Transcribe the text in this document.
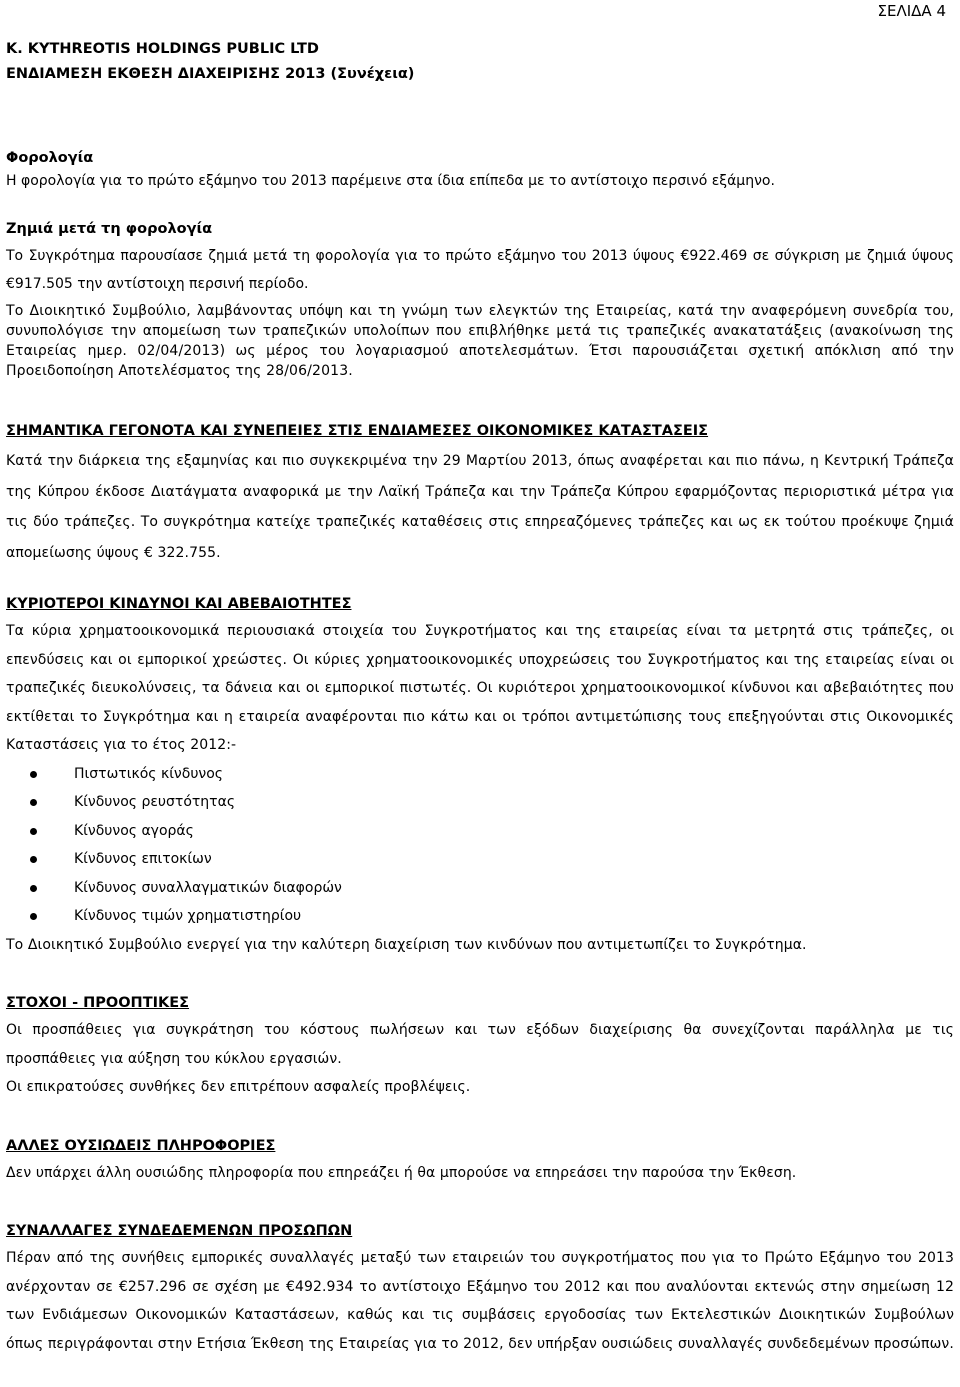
ΣΕΛΙΔΑ 4

K. KYTHREOTIS HOLDINGS PUBLIC LTD

ΕΝΔΙΑΜΕΣΗ ΕΚΘΕΣΗ ΔΙΑΧΕΙΡΙΣΗΣ 2013 (Συνέχεια)

Φορολογία

Η φορολογία για το πρώτο εξάμηνο του 2013 παρέμεινε στα ίδια επίπεδα με το αντίστοιχο περσινό εξάμηνο.

Ζημιά μετά τη φορολογία

Το Συγκρότημα παρουσίασε ζημιά μετά τη φορολογία για το πρώτο εξάμηνο του 2013 ύψους €922.469 σε σύγκριση με ζημιά ύψους €917.505 την αντίστοιχη περσινή περίοδο.

Το Διοικητικό Συμβούλιο, λαμβάνοντας υπόψη και τη γνώμη των ελεγκτών της Εταιρείας, κατά την αναφερόμενη συνεδρία του, συνυπολόγισε την απομείωση των τραπεζικών υπολοίπων που επιβλήθηκε μετά τις τραπεζικές ανακατατάξεις (ανακοίνωση της Εταιρείας ημερ. 02/04/2013) ως μέρος του λογαριασμού αποτελεσμάτων. Έτσι παρουσιάζεται σχετική απόκλιση από την Προειδοποίηση Αποτελέσματος της 28/06/2013.

ΣΗΜΑΝΤΙΚΑ ΓΕΓΟΝΟΤΑ ΚΑΙ ΣΥΝΕΠΕΙΕΣ ΣΤΙΣ ΕΝΔΙΑΜΕΣΕΣ ΟΙΚΟΝΟΜΙΚΕΣ ΚΑΤΑΣΤΑΣΕΙΣ

Κατά την διάρκεια της εξαμηνίας και πιο συγκεκριμένα την 29 Μαρτίου 2013, όπως αναφέρεται και πιο πάνω, η Κεντρική Τράπεζα της Κύπρου έκδοσε Διατάγματα αναφορικά με την Λαϊκή Τράπεζα και την Τράπεζα Κύπρου εφαρμόζοντας περιοριστικά μέτρα για τις δύο τράπεζες. Το συγκρότημα κατείχε τραπεζικές καταθέσεις στις επηρεαζόμενες τράπεζες και ως εκ τούτου προέκυψε ζημιά απομείωσης ύψους € 322.755.

ΚΥΡΙΟΤΕΡΟΙ ΚΙΝΔΥΝΟΙ ΚΑΙ ΑΒΕΒΑΙΟΤΗΤΕΣ

Τα κύρια χρηματοοικονομικά περιουσιακά στοιχεία του Συγκροτήματος και της εταιρείας είναι τα μετρητά στις τράπεζες, οι επενδύσεις και οι εμπορικοί χρεώστες. Οι κύριες χρηματοοικονομικές υποχρεώσεις του Συγκροτήματος και της εταιρείας είναι οι τραπεζικές διευκολύνσεις, τα δάνεια και οι εμπορικοί πιστωτές. Οι κυριότεροι χρηματοοικονομικοί κίνδυνοι και αβεβαιότητες που εκτίθεται το Συγκρότημα και η εταιρεία αναφέρονται πιο κάτω και οι τρόποι αντιμετώπισης τους επεξηγούνται στις Οικονομικές Καταστάσεις για το έτος 2012:-

Πιστωτικός κίνδυνος
Κίνδυνος ρευστότητας
Κίνδυνος αγοράς
Κίνδυνος επιτοκίων
Κίνδυνος συναλλαγματικών διαφορών
Κίνδυνος τιμών χρηματιστηρίου

Το Διοικητικό Συμβούλιο ενεργεί για την καλύτερη διαχείριση των κινδύνων που αντιμετωπίζει το Συγκρότημα.

ΣΤΟΧΟΙ - ΠΡΟΟΠΤΙΚΕΣ

Οι προσπάθειες για συγκράτηση του κόστους πωλήσεων και των εξόδων διαχείρισης θα συνεχίζονται παράλληλα με τις προσπάθειες για αύξηση του κύκλου εργασιών.

Οι επικρατούσες συνθήκες δεν επιτρέπουν ασφαλείς προβλέψεις.

ΑΛΛΕΣ ΟΥΣΙΩΔΕΙΣ ΠΛΗΡΟΦΟΡΙΕΣ

Δεν υπάρχει άλλη ουσιώδης πληροφορία που επηρεάζει ή θα μπορούσε να επηρεάσει την παρούσα την Έκθεση.

ΣΥΝΑΛΛΑΓΕΣ ΣΥΝΔΕΔΕΜΕΝΩΝ ΠΡΟΣΩΠΩΝ

Πέραν από της συνήθεις εμπορικές συναλλαγές μεταξύ των εταιρειών του συγκροτήματος που για το Πρώτο Εξάμηνο του 2013 ανέρχονταν σε €257.296 σε σχέση με €492.934 το αντίστοιχο Εξάμηνο του 2012 και που αναλύονται εκτενώς στην σημείωση 12 των Ενδιάμεσων Οικονομικών Καταστάσεων, καθώς και τις συμβάσεις εργοδοσίας των Εκτελεστικών Διοικητικών Συμβούλων όπως περιγράφονται στην Ετήσια Έκθεση της Εταιρείας για το 2012, δεν υπήρξαν ουσιώδεις συναλλαγές συνδεδεμένων προσώπων.
